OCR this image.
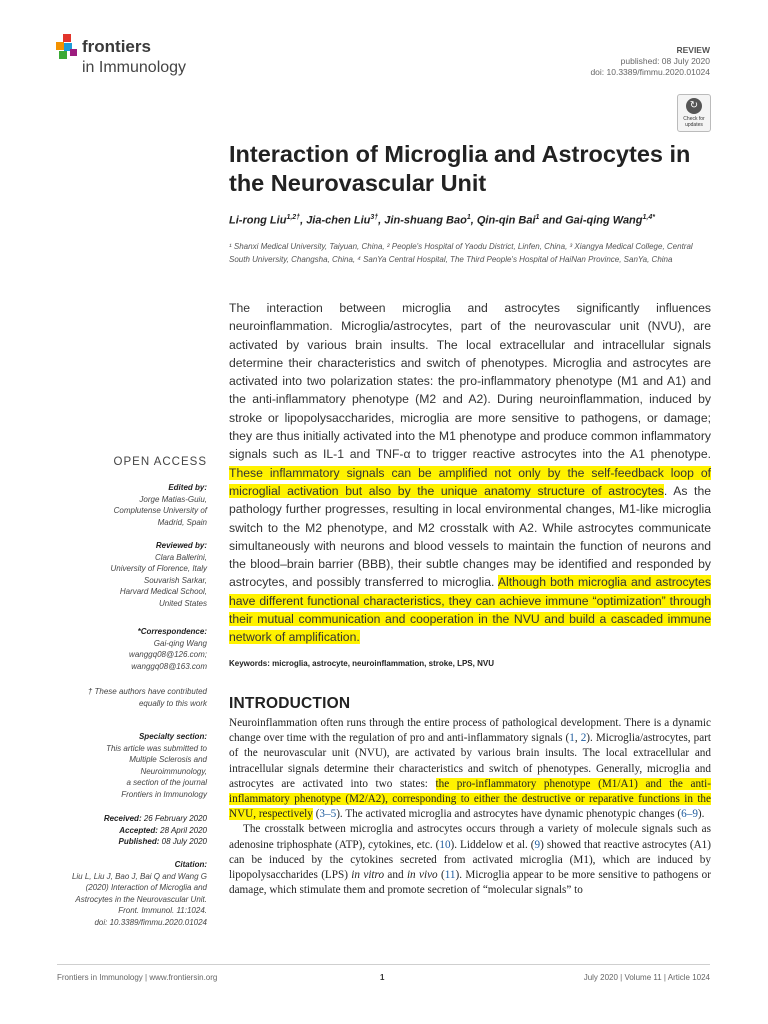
frontiers
in Immunology
REVIEW
published: 08 July 2020
doi: 10.3389/fimmu.2020.01024
↻
Check for updates
Interaction of Microglia and Astrocytes in the Neurovascular Unit
Li-rong Liu$^{1,2\dagger}$, Jia-chen Liu$^{3\dagger}$, Jin-shuang Bao$^1$, Qin-qin Bai$^1$ and Gai-qing Wang$^{1,4*}$
¹ Shanxi Medical University, Taiyuan, China, ² People's Hospital of Yaodu District, Linfen, China, ³ Xiangya Medical College, Central South University, Changsha, China, ⁴ SanYa Central Hospital, The Third People's Hospital of HaiNan Province, SanYa, China

The interaction between microglia and astrocytes significantly influences neuroinflammation. Microglia/astrocytes, part of the neurovascular unit (NVU), are activated by various brain insults. The local extracellular and intracellular signals determine their characteristics and switch of phenotypes. Microglia and astrocytes are activated into two polarization states: the pro-inflammatory phenotype (M1 and A1) and the anti-inflammatory phenotype (M2 and A2). During neuroinflammation, induced by stroke or lipopolysaccharides, microglia are more sensitive to pathogens, or damage; they are thus initially activated into the M1 phenotype and produce common inflammatory signals such as IL-1 and TNF-α to trigger reactive astrocytes into the A1 phenotype. These inflammatory signals can be amplified not only by the self-feedback loop of microglial activation but also by the unique anatomy structure of astrocytes. As the pathology further progresses, resulting in local environmental changes, M1-like microglia switch to the M2 phenotype, and M2 crosstalk with A2. While astrocytes communicate simultaneously with neurons and blood vessels to maintain the function of neurons and the blood–brain barrier (BBB), their subtle changes may be identified and responded by astrocytes, and possibly transferred to microglia. Although both microglia and astrocytes have different functional characteristics, they can achieve immune “optimization” through their mutual communication and cooperation in the NVU and build a cascaded immune network of amplification.

Keywords: microglia, astrocyte, neuroinflammation, stroke, LPS, NVU
INTRODUCTION

Neuroinflammation often runs through the entire process of pathological development. There is a dynamic change over time with the regulation of pro and anti-inflammatory signals (1, 2). Microglia/astrocytes, part of the neurovascular unit (NVU), are activated by various brain insults. The local extracellular and intracellular signals determine their characteristics and switch of phenotypes. Generally, microglia and astrocytes are activated into two states: the pro-inflammatory phenotype (M1/A1) and the anti-inflammatory phenotype (M2/A2), corresponding to either the destructive or reparative functions in the NVU, respectively (3–5). The activated microglia and astrocytes have dynamic phenotypic changes (6–9).

The crosstalk between microglia and astrocytes occurs through a variety of molecule signals such as adenosine triphosphate (ATP), cytokines, etc. (10). Liddelow et al. (9) showed that reactive astrocytes (A1) can be induced by the cytokines secreted from activated microglia (M1), which are induced by lipopolysaccharides (LPS) in vitro and in vivo (11). Microglia appear to be more sensitive to pathogens or damage, which stimulate them and promote secretion of “molecular signals” to

OPEN ACCESS
Edited by:
Jorge Matias-Guiu,
Complutense University of
Madrid, Spain
Reviewed by:
Clara Ballerini,
University of Florence, Italy
Souvarish Sarkar,
Harvard Medical School,
United States
*Correspondence:
Gai-qing Wang
wanggq08@126.com;
wanggq08@163.com
† These authors have contributed
equally to this work
Specialty section:
This article was submitted to
Multiple Sclerosis and
Neuroimmunology,
a section of the journal
Frontiers in Immunology
Received: 26 February 2020
Accepted: 28 April 2020
Published: 08 July 2020
Citation:
Liu L, Liu J, Bao J, Bai Q and Wang G
(2020) Interaction of Microglia and
Astrocytes in the Neurovascular Unit.
Front. Immunol. 11:1024.
doi: 10.3389/fimmu.2020.01024
Frontiers in Immunology | www.frontiersin.org	1	July 2020 | Volume 11 | Article 1024
